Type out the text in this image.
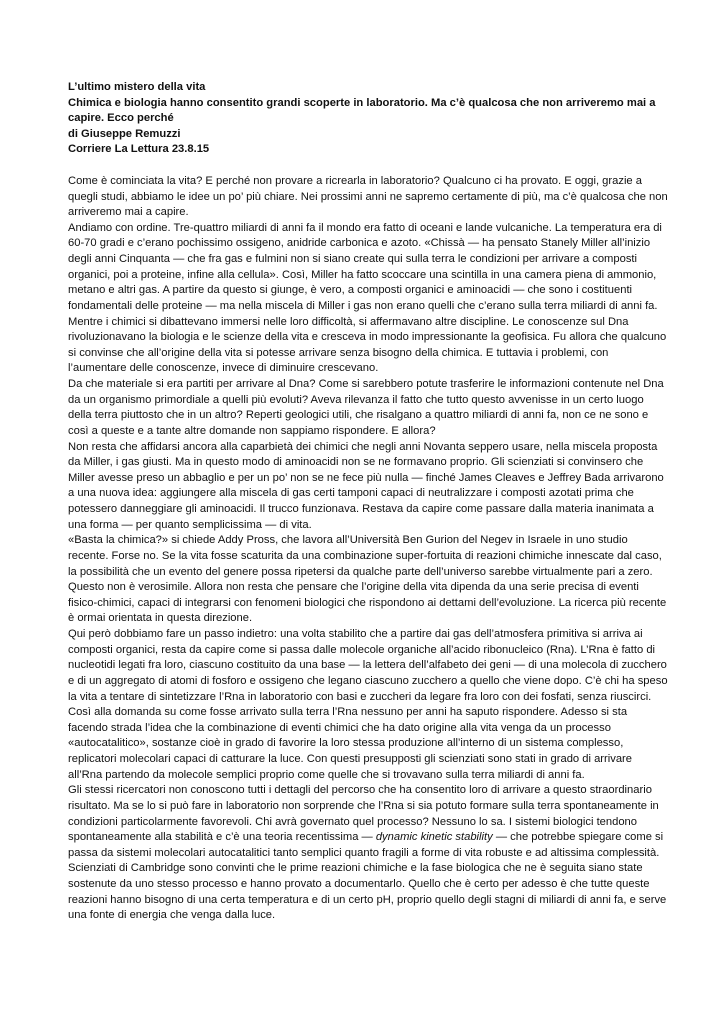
L’ultimo mistero della vita

Chimica e biologia hanno consentito grandi scoperte in laboratorio. Ma c’è qualcosa che non arriveremo mai a capire. Ecco perché

di Giuseppe Remuzzi

Corriere La Lettura 23.8.15

Come è cominciata la vita? E perché non provare a ricrearla in laboratorio? Qualcuno ci ha provato. E oggi, grazie a quegli studi, abbiamo le idee un po’ più chiare. Nei prossimi anni ne sapremo certamente di più, ma c’è qualcosa che non arriveremo mai a capire.

Andiamo con ordine. Tre-quattro miliardi di anni fa il mondo era fatto di oceani e lande vulcaniche. La temperatura era di 60-70 gradi e c’erano pochissimo ossigeno, anidride carbonica e azoto. «Chissà — ha pensato Stanely Miller all’inizio degli anni Cinquanta — che fra gas e fulmini non si siano create qui sulla terra le condizioni per arrivare a composti organici, poi a proteine, infine alla cellula». Così, Miller ha fatto scoccare una scintilla in una camera piena di ammonio, metano e altri gas. A partire da questo si giunge, è vero, a composti organici e aminoacidi — che sono i costituenti fondamentali delle proteine — ma nella miscela di Miller i gas non erano quelli che c’erano sulla terra miliardi di anni fa.

Mentre i chimici si dibattevano immersi nelle loro difficoltà, si affermavano altre discipline. Le conoscenze sul Dna rivoluzionavano la biologia e le scienze della vita e cresceva in modo impressionante la geofisica. Fu allora che qualcuno si convinse che all’origine della vita si potesse arrivare senza bisogno della chimica. E tuttavia i problemi, con l’aumentare delle conoscenze, invece di diminuire crescevano.

Da che materiale si era partiti per arrivare al Dna? Come si sarebbero potute trasferire le informazioni contenute nel Dna da un organismo primordiale a quelli più evoluti? Aveva rilevanza il fatto che tutto questo avvenisse in un certo luogo della terra piuttosto che in un altro? Reperti geologici utili, che risalgano a quattro miliardi di anni fa, non ce ne sono e così a queste e a tante altre domande non sappiamo rispondere. E allora?

Non resta che affidarsi ancora alla caparbietà dei chimici che negli anni Novanta seppero usare, nella miscela proposta da Miller, i gas giusti. Ma in questo modo di aminoacidi non se ne formavano proprio. Gli scienziati si convinsero che Miller avesse preso un abbaglio e per un po’ non se ne fece più nulla — finché James Cleaves e Jeffrey Bada arrivarono a una nuova idea: aggiungere alla miscela di gas certi tamponi capaci di neutralizzare i composti azotati prima che potessero danneggiare gli aminoacidi. Il trucco funzionava. Restava da capire come passare dalla materia inanimata a una forma — per quanto semplicissima — di vita.

«Basta la chimica?» si chiede Addy Pross, che lavora all’Università Ben Gurion del Negev in Israele in uno studio recente. Forse no. Se la vita fosse scaturita da una combinazione super-fortuita di reazioni chimiche innescate dal caso, la possibilità che un evento del genere possa ripetersi da qualche parte dell’universo sarebbe virtualmente pari a zero.

Questo non è verosimile. Allora non resta che pensare che l’origine della vita dipenda da una serie precisa di eventi fisico-chimici, capaci di integrarsi con fenomeni biologici che rispondono ai dettami dell’evoluzione. La ricerca più recente è ormai orientata in questa direzione.

Qui però dobbiamo fare un passo indietro: una volta stabilito che a partire dai gas dell’atmosfera primitiva si arriva ai composti organici, resta da capire come si passa dalle molecole organiche all’acido ribonucleico (Rna). L’Rna è fatto di nucleotidi legati fra loro, ciascuno costituito da una base — la lettera dell’alfabeto dei geni — di una molecola di zucchero e di un aggregato di atomi di fosforo e ossigeno che legano ciascuno zucchero a quello che viene dopo. C’è chi ha speso la vita a tentare di sintetizzare l’Rna in laboratorio con basi e zuccheri da legare fra loro con dei fosfati, senza riuscirci.

Così alla domanda su come fosse arrivato sulla terra l’Rna nessuno per anni ha saputo rispondere. Adesso si sta facendo strada l’idea che la combinazione di eventi chimici che ha dato origine alla vita venga da un processo «autocatalitico», sostanze cioè in grado di favorire la loro stessa produzione all’interno di un sistema complesso, replicatori molecolari capaci di catturare la luce. Con questi presupposti gli scienziati sono stati in grado di arrivare all’Rna partendo da molecole semplici proprio come quelle che si trovavano sulla terra miliardi di anni fa.

Gli stessi ricercatori non conoscono tutti i dettagli del percorso che ha consentito loro di arrivare a questo straordinario risultato. Ma se lo si può fare in laboratorio non sorprende che l’Rna si sia potuto formare sulla terra spontaneamente in condizioni particolarmente favorevoli. Chi avrà governato quel processo? Nessuno lo sa. I sistemi biologici tendono spontaneamente alla stabilità e c’è una teoria recentissima — dynamic kinetic stability — che potrebbe spiegare come si passa da sistemi molecolari autocatalitici tanto semplici quanto fragili a forme di vita robuste e ad altissima complessità.

Scienziati di Cambridge sono convinti che le prime reazioni chimiche e la fase biologica che ne è seguita siano state sostenute da uno stesso processo e hanno provato a documentarlo. Quello che è certo per adesso è che tutte queste reazioni hanno bisogno di una certa temperatura e di un certo pH, proprio quello degli stagni di miliardi di anni fa, e serve una fonte di energia che venga dalla luce.
